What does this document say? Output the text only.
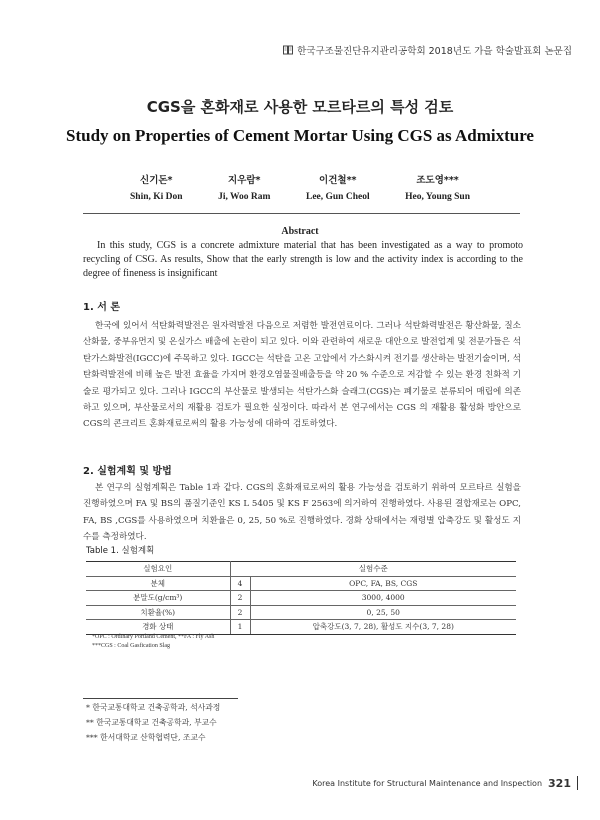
한국구조물진단유지관리공학회 2018년도 가을 학술발표회 논문집
CGS을 혼화재로 사용한 모르타르의 특성 검토
Study on Properties of Cement Mortar Using CGS as Admixture
신기돈*
Shin, Ki Don
지우람*
Ji, Woo Ram
이건철**
Lee, Gun Cheol
조도영***
Heo, Young Sun
Abstract
In this study, CGS is a concrete admixture material that has been investigated as a way to promoto recycling of CSG. As results, Show that the early strength is low and the activity index is according to the degree of fineness is insignificant
1. 서 론
한국에 있어서 석탄화력발전은 원자력발전 다음으로 저렴한 발전연료이다. 그러나 석탄화력발전은 황산화물, 질소산화물, 중부유먼지 및 온실가스 배출에 논란이 되고 있다. 이와 관련하여 새로운 대안으로 발전업계 및 전문가들은 석탄가스화발전(IGCC)에 주목하고 있다. IGCC는 석탄을 고온 고압에서 가스화시켜 전기를 생산하는 발전기술이며, 석탄화력발전에 비해 높은 발전 효율을 가지며 환경오염물질배출등을 약 20 % 수준으로 저감할 수 있는 환경 친화적 기술로 평가되고 있다. 그러나 IGCC의 부산물로 발생되는 석탄가스화 슬래그(CGS)는 폐기물로 분류되어 매립에 의존하고 있으며, 부산물로서의 재활용 검토가 필요한 실정이다. 따라서 본 연구에서는 CGS 의 재활용 활성화 방안으로 CGS의 콘크리트 혼화재료로써의 활용 가능성에 대하여 검토하였다.
2. 실험계획 및 방법
본 연구의 실험계획은 Table 1과 같다. CGS의 혼화재료로써의 활용 가능성을 검토하기 위하여 모르타르 실험을 진행하였으며 FA 및 BS의 품질기준인 KS L 5405 및 KS F 2563에 의거하여 진행하였다. 사용된 결합재로는 OPC, FA, BS ,CGS를 사용하였으며 치환율은 0, 25, 50 %로 진행하였다. 경화 상태에서는 재령별 압축강도 및 활성도 지수를 측정하였다.
Table 1. 실험계획
실험요인	실험수준	
분체	4	OPC, FA, BS, CGS
분말도(g/cm³)	2	3000, 4000
치환율(%)	2	0, 25, 50
경화 상태	1	압축강도(3, 7, 28), 활성도 지수(3, 7, 28)
*OPC : Ordinary Portland Cement, **FA : Fly Ash
***CGS : Coal Gasfication Slag
* 한국교통대학교 건축공학과, 석사과정
** 한국교통대학교 건축공학과, 부교수
*** 한서대학교 산학협력단, 조교수
Korea Institute for Structural Maintenance and Inspection 321
